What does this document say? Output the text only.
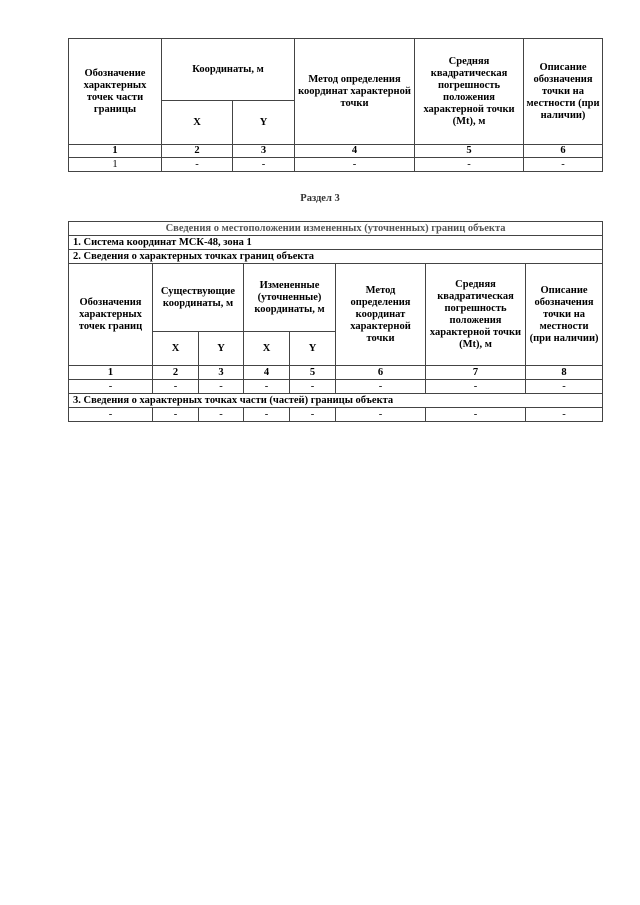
Обозначение характерных точек части границы	Координаты, м		Метод определения координат характерной точки	Средняя квадратическая погрешность положения характерной точки (Mt), м	Описание обозначения точки на местности (при наличии)
	X	Y			
1	2	3	4	5	6
1	-	-	-	-	-
Раздел 3
Сведения о местоположении измененных (уточненных) границ объекта							
1. Система координат МСК-48, зона 1							
2. Сведения о характерных точках границ объекта							
Обозначения характерных точек границ	Существующие координаты, м		Измененные (уточненные) координаты, м		Метод определения координат характерной точки	Средняя квадратическая погрешность положения характерной точки (Mt), м	Описание обозначения точки на местности (при наличии)
	X	Y	X	Y			
1	2	3	4	5	6	7	8
-	-	-	-	-	-	-	-
3. Сведения о характерных точках части (частей) границы объекта							
-	-	-	-	-	-	-	-
